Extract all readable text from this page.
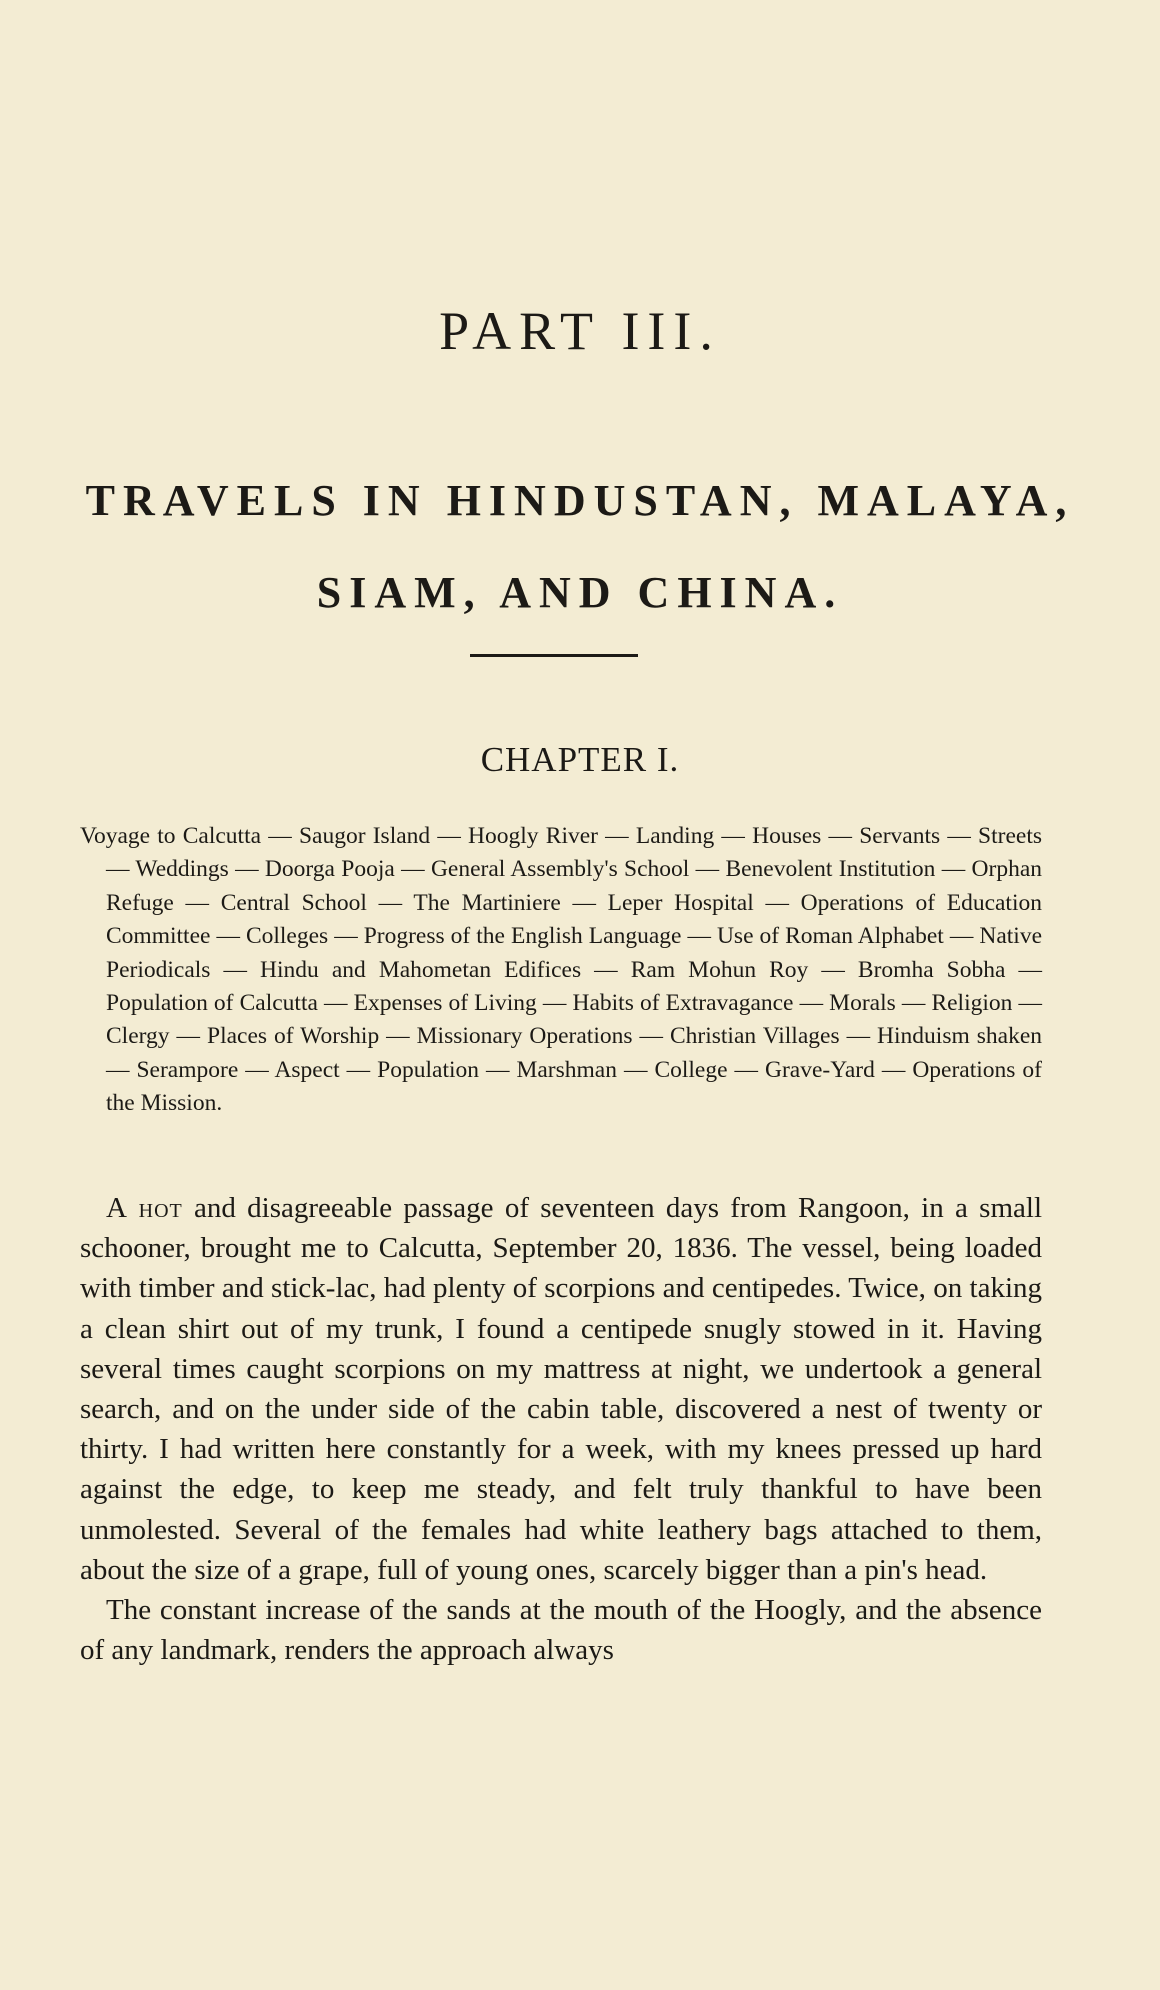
PART III.
TRAVELS IN HINDUSTAN, MALAYA,
SIAM, AND CHINA.
CHAPTER I.

Voyage to Calcutta — Saugor Island — Hoogly River — Landing — Houses — Servants — Streets — Weddings — Doorga Pooja — General Assembly's School — Benevolent Institution — Orphan Refuge — Central School — The Martiniere — Leper Hospital — Operations of Education Committee — Colleges — Progress of the English Language — Use of Roman Alphabet — Native Periodicals — Hindu and Mahometan Edifices — Ram Mohun Roy — Bromha Sobha — Population of Calcutta — Expenses of Living — Habits of Extravagance — Morals — Religion — Clergy — Places of Worship — Missionary Operations — Christian Villages — Hinduism shaken — Serampore — Aspect — Population — Marshman — College — Grave-Yard — Operations of the Mission.

A hot and disagreeable passage of seventeen days from Rangoon, in a small schooner, brought me to Calcutta, September 20, 1836. The vessel, being loaded with timber and stick-lac, had plenty of scorpions and centipedes. Twice, on taking a clean shirt out of my trunk, I found a centipede snugly stowed in it. Having several times caught scorpions on my mattress at night, we undertook a general search, and on the under side of the cabin table, discovered a nest of twenty or thirty. I had written here constantly for a week, with my knees pressed up hard against the edge, to keep me steady, and felt truly thankful to have been unmolested. Several of the females had white leathery bags attached to them, about the size of a grape, full of young ones, scarcely bigger than a pin's head.

The constant increase of the sands at the mouth of the Hoogly, and the absence of any landmark, renders the approach always
